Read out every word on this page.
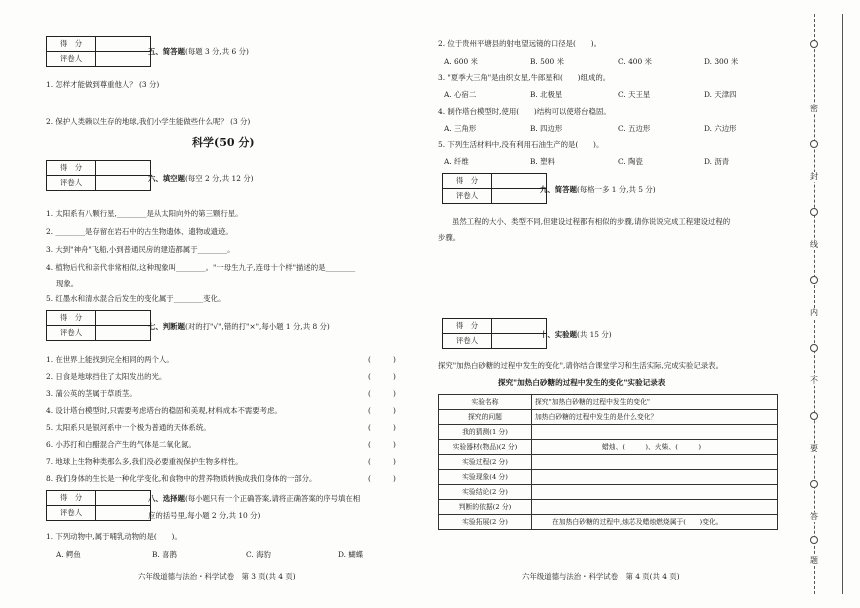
得　分	
评卷人	
五、简答题(每题 3 分,共 6 分)
1. 怎样才能做到尊重他人？ (3 分)
2. 保护人类赖以生存的地球,我们小学生能做些什么呢？ (3 分)
科学(50 分)
得　分	
评卷人		六、填空题(每空 2 分,共 12 分)
1. 太阳系有八颗行星,________是从太阳向外的第三颗行星。
2. ________是存留在岩石中的古生物遗体、遗物或遗迹。
3. 大到"神舟"飞船,小到普通民房的建造都属于________。
4. 植物后代和亲代非常相似,这种现象叫________。"一母生九子,连母十个样"描述的是________
现象。
5. 红墨水和清水混合后发生的变化属于________变化。
得　分	
评卷人	
七、判断题(对的打"√",错的打"×",每小题 1 分,共 8 分)
1. 在世界上能找到完全相同的两个人。	(　　　)
2. 日食是地球挡住了太阳发出的光。	(　　　)
3. 蒲公英的茎属于草质茎。	(　　　)
4. 设计塔台模型时,只需要考虑塔台的稳固和美观,材料成本不需要考虑。	(　　　)
5. 太阳系只是银河系中一个极为普通的天体系统。	(　　　)
6. 小苏打和白醋混合产生的气体是二氧化氮。	(　　　)
7. 地球上生物种类那么多,我们没必要重视保护生物多样性。	(　　　)
8. 我们身体的生长是一种化学变化,和食物中的营养物质转换成我们身体的一部分。	(　　　)
得　分	
评卷人	
八、选择题(每小题只有一个正确答案,请将正确答案的序号填在相
应的括号里,每小题 2 分,共 10 分)
1. 下列动物中,属于哺乳动物的是(　　)。
A. 鳄鱼	B. 喜鹊	C. 海豹	D. 蝴蝶
六年级道德与法治・科学试卷　第 3 页(共 4 页)
2. 位于贵州平塘县的射电望远镜的口径是(　　)。
A. 600 米	B. 500 米	C. 400 米	D. 300 米
3. "夏季大三角"是由织女星,牛郎星和(　　)组成的。
A. 心宿二	B. 北极星	C. 天王星	D. 天津四
4. 制作塔台模型时,使用(　　)结构可以使塔台稳固。
A. 三角形	B. 四边形	C. 五边形	D. 六边形
5. 下列生活材料中,没有利用石油生产的是(　　)。
A. 纤维	B. 塑料	C. 陶瓷	D. 沥青
得　分	
评卷人	
九、简答题(每格一多 1 分,共 5 分)
虽然工程的大小、类型不同,但建设过程都有相似的步骤,请你说说完成工程建设过程的
步骤。
得　分	
评卷人	
十、实验题(共 15 分)
探究"加热白砂糖的过程中发生的变化",请你结合课堂学习和生活实际,完成实验记录表。
探究"加热白砂糖的过程中发生的变化"实验记录表
实验名称	探究"加热白砂糖的过程中发生的变化"
探究的问题	加热白砂糖的过程中发生的是什么变化？
我的猜测(1 分)	
实验器材(物品)(2 分)	蜡烛、(　　　)、火柴、(　　　)
实验过程(2 分)	
实验现象(4 分)	
实验结论(2 分)	
判断的依据(2 分)	
实验拓展(2 分)	在加热白砂糖的过程中,烛芯及蜡烛燃烧属于(　　)变化。
六年级道德与法治・科学试卷　第 4 页(共 4 页)
密
封
线
内
不
要
答
题
